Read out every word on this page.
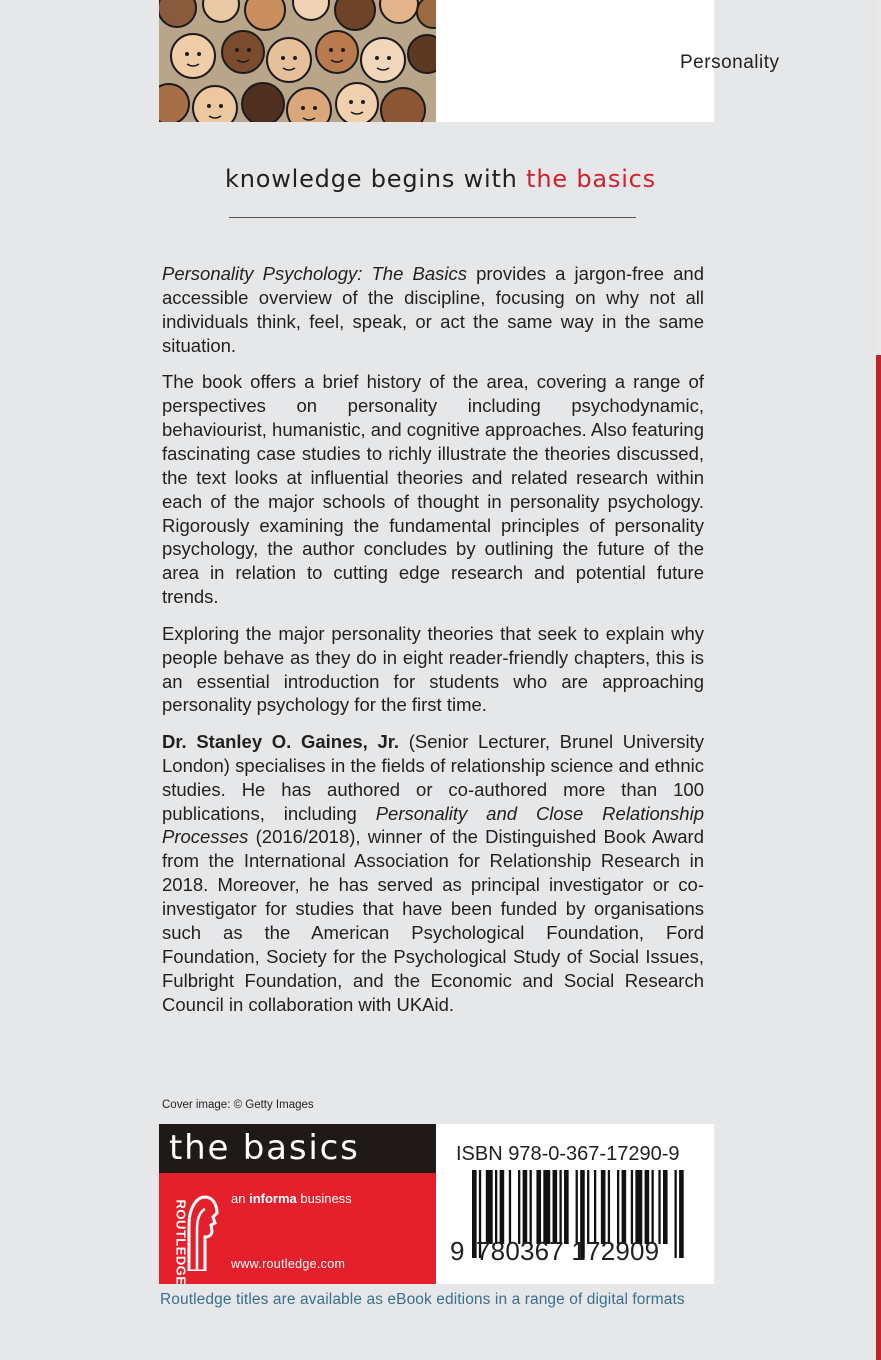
Personality
knowledge begins with the basics

Personality Psychology: The Basics provides a jargon-free and accessible overview of the discipline, focusing on why not all individuals think, feel, speak, or act the same way in the same situation.

The book offers a brief history of the area, covering a range of perspectives on personality including psychodynamic, behaviourist, humanistic, and cognitive approaches. Also featuring fascinating case studies to richly illustrate the theories discussed, the text looks at influential theories and related research within each of the major schools of thought in personality psychology. Rigorously examining the fundamental principles of personality psychology, the author concludes by outlining the future of the area in relation to cutting edge research and potential future trends.

Exploring the major personality theories that seek to explain why people behave as they do in eight reader-friendly chapters, this is an essential introduction for students who are approaching personality psychology for the first time.

Dr. Stanley O. Gaines, Jr. (Senior Lecturer, Brunel University London) specialises in the fields of relationship science and ethnic studies. He has authored or co-authored more than 100 publications, including Personality and Close Relationship Processes (2016/2018), winner of the Distinguished Book Award from the International Association for Relationship Research in 2018. Moreover, he has served as principal investigator or co-investigator for studies that have been funded by organisations such as the American Psychological Foundation, Ford Foundation, Society for the Psychological Study of Social Issues, Fulbright Foundation, and the Economic and Social Research Council in collaboration with UKAid.

Cover image: © Getty Images
the basics
ROUTLEDGE
an informa business
www.routledge.com
ISBN 978-0-367-17290-9
9 780367 172909
Routledge titles are available as eBook editions in a range of digital formats
